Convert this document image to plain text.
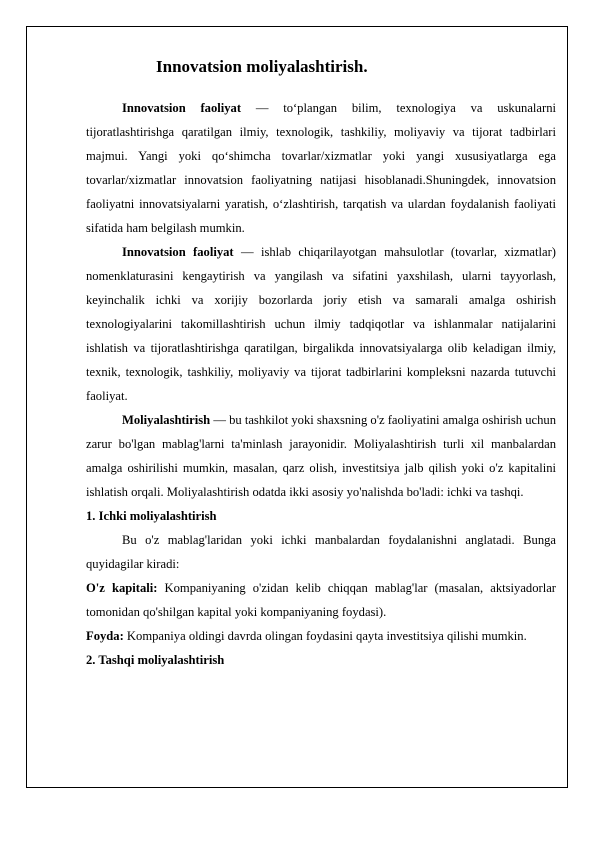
Innovatsion moliyalashtirish.

Innovatsion faoliyat — to‘plangan bilim, texnologiya va uskunalarni tijoratlashtirishga qaratilgan ilmiy, texnologik, tashkiliy, moliyaviy va tijorat tadbirlari majmui. Yangi yoki qo‘shimcha tovarlar/xizmatlar yoki yangi xususiyatlarga ega tovarlar/xizmatlar innovatsion faoliyatning natijasi hisoblanadi.Shuningdek, innovatsion faoliyatni innovatsiyalarni yaratish, o‘zlashtirish, tarqatish va ulardan foydalanish faoliyati sifatida ham belgilash mumkin.

Innovatsion faoliyat — ishlab chiqarilayotgan mahsulotlar (tovarlar, xizmatlar) nomenklaturasini kengaytirish va yangilash va sifatini yaxshilash, ularni tayyorlash, keyinchalik ichki va xorijiy bozorlarda joriy etish va samarali amalga oshirish texnologiyalarini takomillashtirish uchun ilmiy tadqiqotlar va ishlanmalar natijalarini ishlatish va tijoratlashtirishga qaratilgan, birgalikda innovatsiyalarga olib keladigan ilmiy, texnik, texnologik, tashkiliy, moliyaviy va tijorat tadbirlarini kompleksni nazarda tutuvchi faoliyat.

Moliyalashtirish — bu tashkilot yoki shaxsning o'z faoliyatini amalga oshirish uchun zarur bo'lgan mablag'larni ta'minlash jarayonidir. Moliyalashtirish turli xil manbalardan amalga oshirilishi mumkin, masalan, qarz olish, investitsiya jalb qilish yoki o'z kapitalini ishlatish orqali. Moliyalashtirish odatda ikki asosiy yo'nalishda bo'ladi: ichki va tashqi.

1. Ichki moliyalashtirish

Bu o'z mablag'laridan yoki ichki manbalardan foydalanishni anglatadi. Bunga quyidagilar kiradi:

O'z kapitali: Kompaniyaning o'zidan kelib chiqqan mablag'lar (masalan, aktsiyadorlar tomonidan qo'shilgan kapital yoki kompaniyaning foydasi).

Foyda: Kompaniya oldingi davrda olingan foydasini qayta investitsiya qilishi mumkin.

2. Tashqi moliyalashtirish
